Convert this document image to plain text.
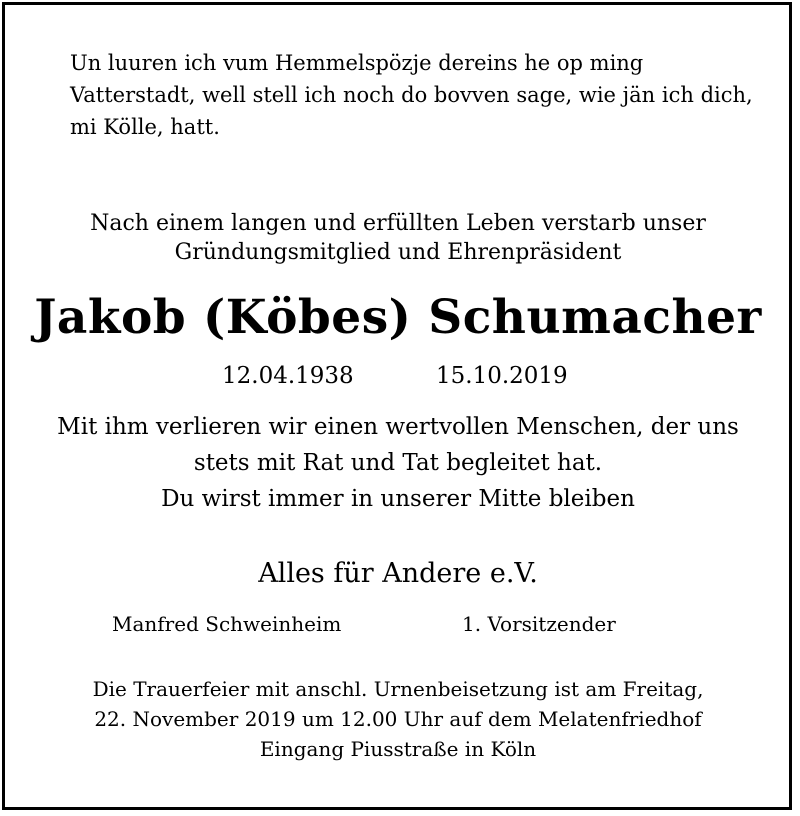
Un luuren ich vum Hemmelspözje dereins he op ming
Vatterstadt, well stell ich noch do bovven sage, wie jän ich dich,
mi Kölle, hatt.
Nach einem langen und erfüllten Leben verstarb unser
Gründungsmitglied und Ehrenpräsident
Jakob (Köbes) Schumacher
12.04.1938	15.10.2019
Mit ihm verlieren wir einen wertvollen Menschen, der uns
stets mit Rat und Tat begleitet hat.
Du wirst immer in unserer Mitte bleiben
Alles für Andere e.V.
Manfred Schweinheim	1. Vorsitzender
Die Trauerfeier mit anschl. Urnenbeisetzung ist am Freitag,
22. November 2019 um 12.00 Uhr auf dem Melatenfriedhof
Eingang Piusstraße in Köln
